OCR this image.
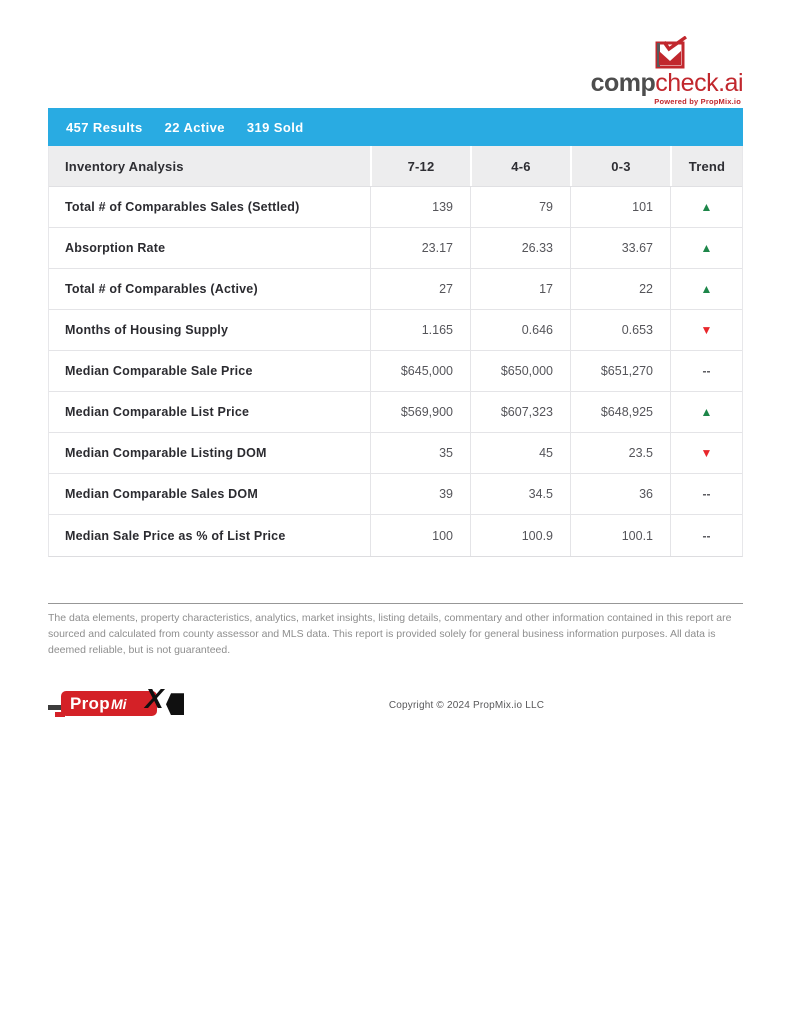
compcheck.ai
Powered by PropMix.io
457 Results 22 Active 319 Sold
Inventory Analysis	7-12	4-6	0-3	Trend
Total # of Comparables Sales (Settled)	139	79	101	▲
Absorption Rate	23.17	26.33	33.67	▲
Total # of Comparables (Active)	27	17	22	▲
Months of Housing Supply	1.165	0.646	0.653	▼
Median Comparable Sale Price	$645,000	$650,000	$651,270	--
Median Comparable List Price	$569,900	$607,323	$648,925	▲
Median Comparable Listing DOM	35	45	23.5	▼
Median Comparable Sales DOM	39	34.5	36	--
Median Sale Price as % of List Price	100	100.9	100.1	--
The data elements, property characteristics, analytics, market insights, listing details, commentary and other information contained in this report are sourced and calculated from county assessor and MLS data. This report is provided solely for general business information purposes. All data is deemed reliable, but is not guaranteed.
Prop Mi X	Copyright © 2024 PropMix.io LLC
